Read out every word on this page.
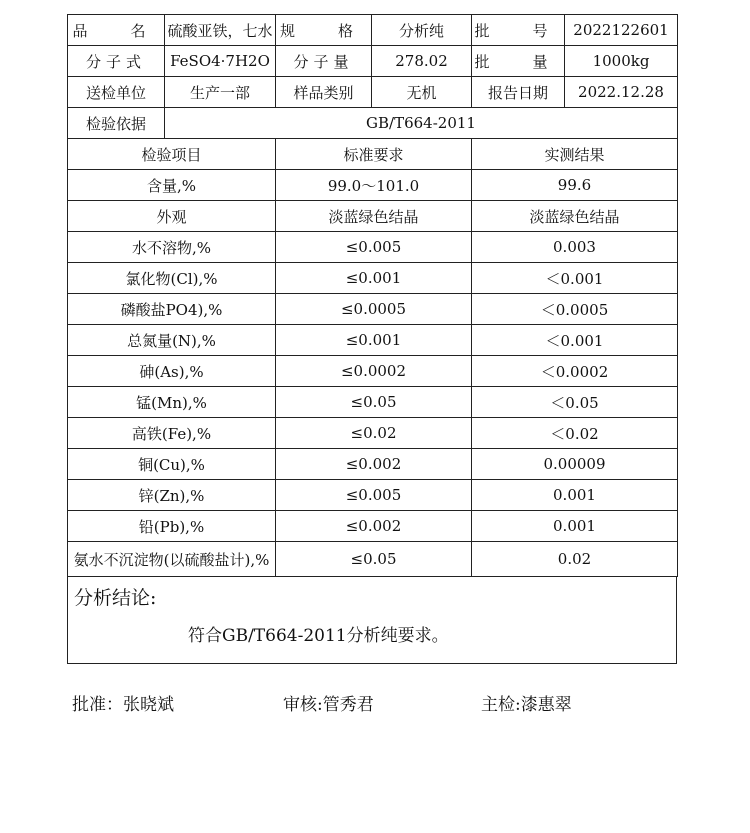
品　名	硫酸亚铁，七水	规　格	分析纯	批　号	2022122601
分子式	FeSO4·7H2O	分子量	278.02	批　量	1000kg
送检单位	生产一部	样品类别	无机	报告日期	2022.12.28
检验依据	GB/T664-2011				
检验项目		标准要求		实测结果	
含量,%		99.0～101.0		99.6	
外观		淡蓝绿色结晶		淡蓝绿色结晶	
水不溶物,%		≤0.005		0.003	
氯化物(Cl),%		≤0.001		＜0.001	
磷酸盐PO4),%		≤0.0005		＜0.0005	
总氮量(N),%		≤0.001		＜0.001	
砷(As),%		≤0.0002		＜0.0002	
锰(Mn),%		≤0.05		＜0.05	
高铁(Fe),%		≤0.02		＜0.02	
铜(Cu),%		≤0.002		0.00009	
锌(Zn),%		≤0.005		0.001	
铅(Pb),%		≤0.002		0.001	
氨水不沉淀物(以硫酸盐计),%		≤0.05		0.02	
分析结论:
符合GB/T664-2011分析纯要求。
批准：张晓斌	审核:管秀君	主检:漆惠翠
